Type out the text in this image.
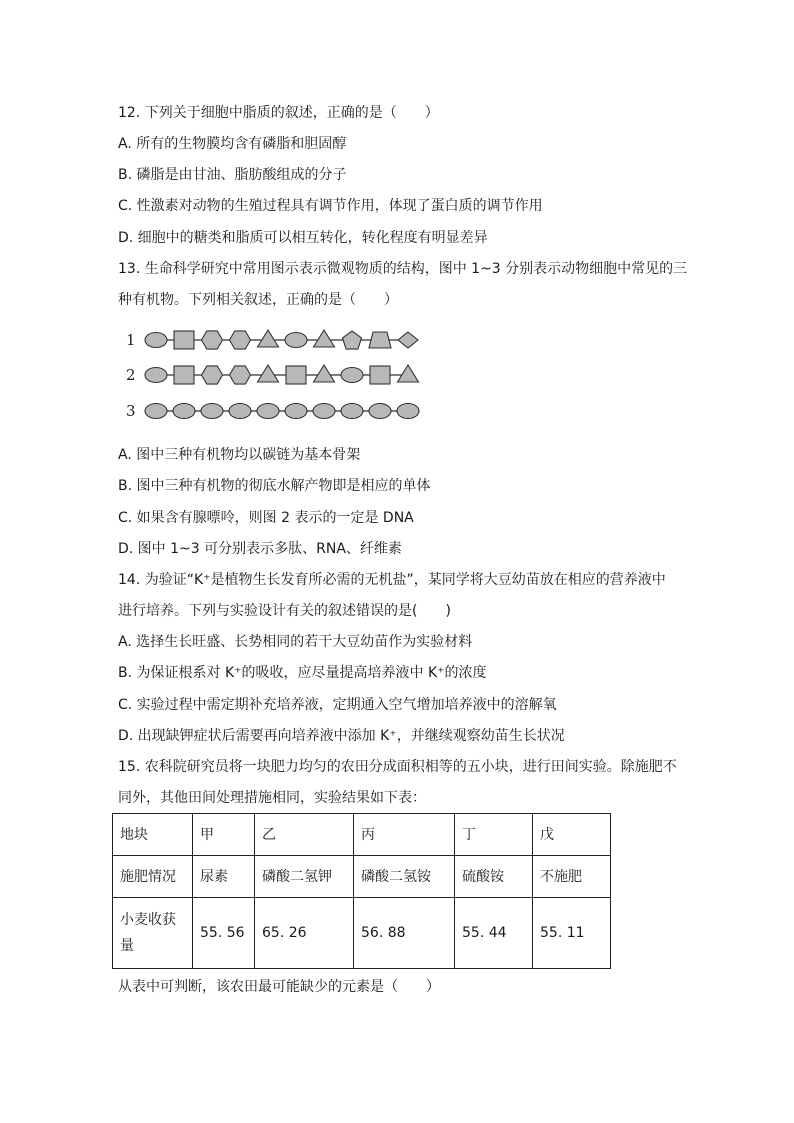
12. 下列关于细胞中脂质的叙述，正确的是（　　）
A. 所有的生物膜均含有磷脂和胆固醇
B. 磷脂是由甘油、脂肪酸组成的分子
C. 性激素对动物的生殖过程具有调节作用，体现了蛋白质的调节作用
D. 细胞中的糖类和脂质可以相互转化，转化程度有明显差异
13. 生命科学研究中常用图示表示微观物质的结构，图中 1~3 分别表示动物细胞中常见的三
种有机物。下列相关叙述，正确的是（　　）
1
2
3
A. 图中三种有机物均以碳链为基本骨架
B. 图中三种有机物的彻底水解产物即是相应的单体
C. 如果含有腺嘌呤，则图 2 表示的一定是 DNA
D. 图中 1~3 可分别表示多肽、RNA、纤维素
14. 为验证“K⁺是植物生长发育所必需的无机盐”，某同学将大豆幼苗放在相应的营养液中
进行培养。下列与实验设计有关的叙述错误的是(　　)
A. 选择生长旺盛、长势相同的若干大豆幼苗作为实验材料
B. 为保证根系对 K⁺的吸收，应尽量提高培养液中 K⁺的浓度
C. 实验过程中需定期补充培养液，定期通入空气增加培养液中的溶解氧
D. 出现缺钾症状后需要再向培养液中添加 K⁺，并继续观察幼苗生长状况
15. 农科院研究员将一块肥力均匀的农田分成面积相等的五小块，进行田间实验。除施肥不
同外，其他田间处理措施相同，实验结果如下表：
地块	甲	乙	丙	丁	戊
施肥情况	尿素	磷酸二氢钾	磷酸二氢铵	硫酸铵	不施肥

小麦收获
量	55. 56	65. 26	56. 88	55. 44	55. 11
从表中可判断，该农田最可能缺少的元素是（　　）
